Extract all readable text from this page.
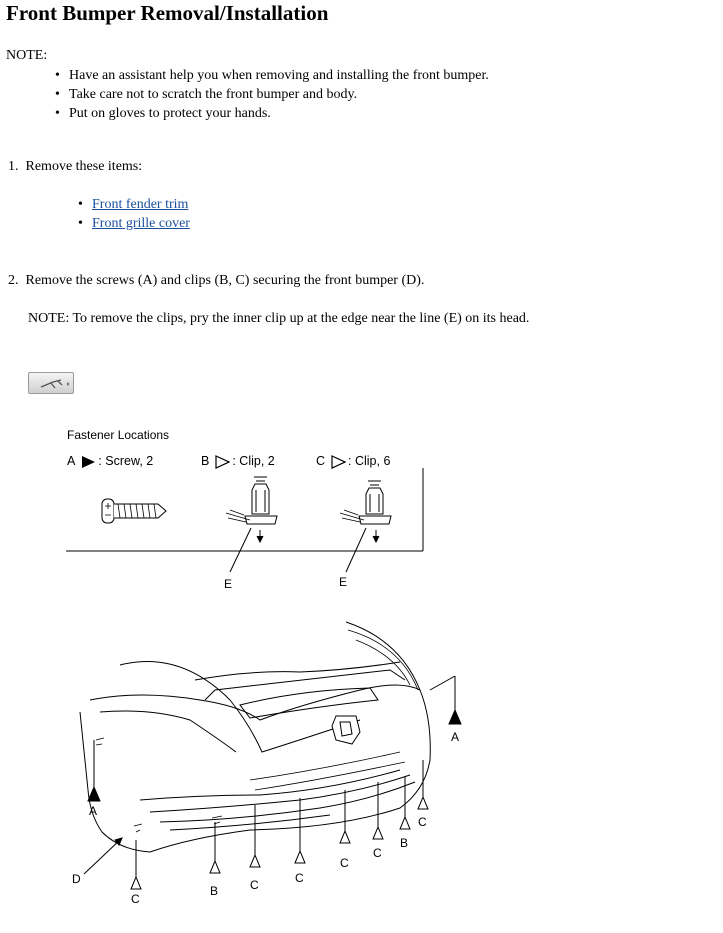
Front Bumper Removal/Installation
NOTE:
• Have an assistant help you when removing and installing the front bumper.
• Take care not to scratch the front bumper and body.
• Put on gloves to protect your hands.
1.  Remove these items:
• Front fender trim
• Front grille cover
2.  Remove the screws (A) and clips (B, C) securing the front bumper (D).
NOTE: To remove the clips, pry the inner clip up at the edge near the line (E) on its head.
Fastener Locations
A : Screw, 2	B : Clip, 2	C : Clip, 6
E	E
A
A
D
C
B	C	C
C
C
B
C
